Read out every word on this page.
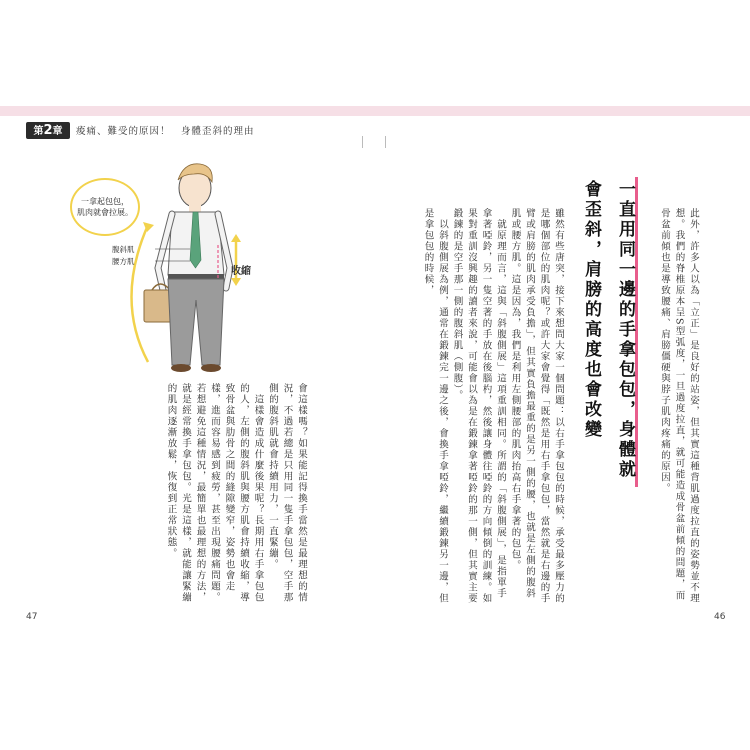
第2章	痠痛、難受的原因！　身體歪斜的理由
一拿起包包，
肌肉就會拉展。
腹斜肌
腰方肌
收縮	此外，許多人以為「立正」是良好的站姿，但其實這種背肌過度拉直的姿勢並不理想。我們的脊椎原本呈S型弧度，一旦過度拉直，就可能造成骨盆前傾的問題，而骨盆前傾也是導致腰痛、肩膀僵硬與脖子肌肉疼痛的原因。
一直用同一邊的手拿包包，身體就會歪斜，肩膀的高度也會改變
雖然有些唐突，接下來想問大家一個問題：以右手拿包包的時候，承受最多壓力的是哪個部位的肌肉呢？或許大家會覺得「既然是用右手拿包包，當然就是右邊的手臂或肩膀的肌肉承受負擔」，但其實負擔最重的是另一側的腰，也就是左側的腹斜肌或腰方肌。這是因為，我們是利用左側腰部的肌肉抬高右手拿著的包包。
　就原理而言，這與「斜腹側展」這項重訓相同。所謂的「斜腹側展」，是指單手拿著啞鈴，另一隻空著的手放在後腦杓，然後讓身體往啞鈴的方向傾倒的訓練。如果對重訓沒興趣的讀者來說，可能會以為是在鍛鍊拿著啞鈴的那一側，但其實主要鍛鍊的是空手那一側的腹斜肌（側腹）。
　以斜腹側展為例，通常在鍛鍊完一邊之後，會換手拿啞鈴，繼續鍛鍊另一邊，但是拿包包的時候，
會這樣嗎？如果能記得換手當然是最理想的情況，不過若總是只用同一隻手拿包包，空手那側的腹斜肌就會持續用力，一直緊繃。
　這樣會造成什麼後果呢？長期用右手拿包包的人，左側的腹斜肌與腰方肌會持續收縮，導致骨盆與肋骨之間的縫隙變窄，姿勢也會走樣，進而容易感到疲勞，甚至出現腰痛問題。若想避免這種情況，最簡單也最理想的方法，就是經常換手拿包包。光是這樣，就能讓緊繃的肌肉逐漸放鬆，恢復到正常狀態。
47	46
